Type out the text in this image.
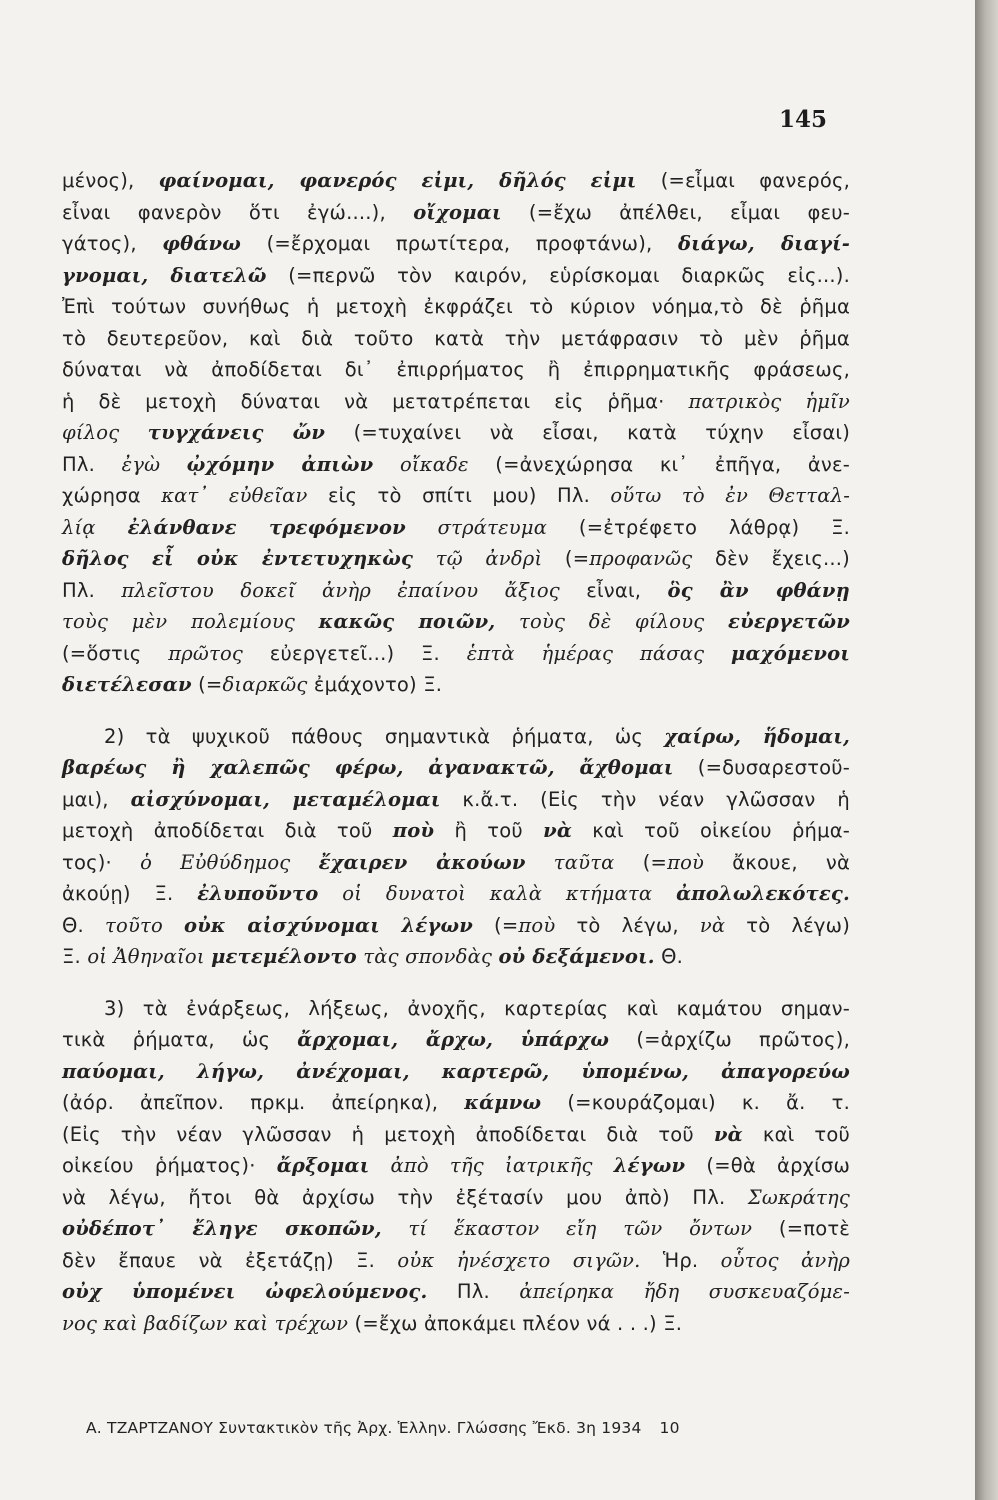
145
μένος), φαίνομαι, φανερός εἰμι, δῆλός εἰμι (=εἶμαι φανερός,
εἶναι φανερὸν ὅτι ἐγώ....), οἴχομαι (=ἔχω ἀπέλθει, εἶμαι φευ-
γάτος), φθάνω (=ἔρχομαι πρωτίτερα, προφτάνω), διάγω, διαγί-
γνομαι, διατελῶ (=περνῶ τὸν καιρόν, εὑρίσκομαι διαρκῶς εἰς...).
Ἐπὶ τούτων συνήθως ἡ μετοχὴ ἐκφράζει τὸ κύριον νόημα,τὸ δὲ ῥῆμα
τὸ δευτερεῦον, καὶ διὰ τοῦτο κατὰ τὴν μετάφρασιν τὸ μὲν ῥῆμα
δύναται νὰ ἀποδίδεται δι᾿ ἐπιρρήματος ἢ ἐπιρρηματικῆς φράσεως,
ἡ δὲ μετοχὴ δύναται νὰ μετατρέπεται εἰς ῥῆμα· πατρικὸς ἡμῖν
φίλος τυγχάνεις ὤν (=τυχαίνει νὰ εἶσαι, κατὰ τύχην εἶσαι)
Πλ. ἐγὼ ᾠχόμην ἀπιὼν οἴκαδε (=ἀνεχώρησα κι᾿ ἐπῆγα, ἀνε-
χώρησα κατ᾿ εὐθεῖαν εἰς τὸ σπίτι μου) Πλ. οὕτω τὸ ἐν Θετταλ-
λίᾳ ἐλάνθανε τρεφόμενον στράτευμα (=ἐτρέφετο λάθρᾳ) Ξ.
δῆλος εἶ οὐκ ἐντετυχηκὼς τῷ ἀνδρὶ (=προφανῶς δὲν ἔχεις...)
Πλ. πλεῖστου δοκεῖ ἀνὴρ ἐπαίνου ἄξιος εἶναι, ὃς ἂν φθάνῃ
τοὺς μὲν πολεμίους κακῶς ποιῶν, τοὺς δὲ φίλους εὐεργετῶν
(=ὅστις πρῶτος εὐεργετεῖ...) Ξ. ἑπτὰ ἡμέρας πάσας μαχόμενοι
διετέλεσαν (=διαρκῶς ἐμάχοντο) Ξ.
2) τὰ ψυχικοῦ πάθους σημαντικὰ ῥήματα, ὡς χαίρω, ἥδομαι,
βαρέως ἢ χαλεπῶς φέρω, ἀγανακτῶ, ἄχθομαι (=δυσαρεστοῦ-
μαι), αἰσχύνομαι, μεταμέλομαι κ.ἄ.τ. (Εἰς τὴν νέαν γλῶσσαν ἡ
μετοχὴ ἀποδίδεται διὰ τοῦ ποὺ ἢ τοῦ νὰ καὶ τοῦ οἰκείου ῥήμα-
τος)· ὁ Εὐθύδημος ἔχαιρεν ἀκούων ταῦτα (=ποὺ ἄκουε, νὰ
ἀκούῃ) Ξ. ἐλυποῦντο οἱ δυνατοὶ καλὰ κτήματα ἀπολωλεκότες.
Θ. τοῦτο οὐκ αἰσχύνομαι λέγων (=ποὺ τὸ λέγω, νὰ τὸ λέγω)
Ξ. οἱ Ἀθηναῖοι μετεμέλοντο τὰς σπονδὰς οὐ δεξάμενοι. Θ.
3) τὰ ἐνάρξεως, λήξεως, ἀνοχῆς, καρτερίας καὶ καμάτου σημαν-
τικὰ ῥήματα, ὡς ἄρχομαι, ἄρχω, ὑπάρχω (=ἀρχίζω πρῶτος),
παύομαι, λήγω, ἀνέχομαι, καρτερῶ, ὑπομένω, ἀπαγορεύω
(ἀόρ. ἀπεῖπον. πρκμ. ἀπείρηκα), κάμνω (=κουράζομαι) κ. ἄ. τ.
(Εἰς τὴν νέαν γλῶσσαν ἡ μετοχὴ ἀποδίδεται διὰ τοῦ νὰ καὶ τοῦ
οἰκείου ῥήματος)· ἄρξομαι ἀπὸ τῆς ἰατρικῆς λέγων (=θὰ ἀρχίσω
νὰ λέγω, ἤτοι θὰ ἀρχίσω τὴν ἐξέτασίν μου ἀπὸ) Πλ. Σωκράτης
οὐδέποτ᾿ ἔληγε σκοπῶν, τί ἕκαστον εἴη τῶν ὄντων (=ποτὲ
δὲν ἔπαυε νὰ ἐξετάζῃ) Ξ. οὐκ ἠνέσχετο σιγῶν. Ἡρ. οὗτος ἀνὴρ
οὐχ ὑπομένει ὠφελούμενος. Πλ. ἀπείρηκα ἤδη συσκευαζόμε-
νος καὶ βαδίζων καὶ τρέχων (=ἔχω ἀποκάμει πλέον νά . . .) Ξ.
Α. ΤΖΑΡΤΖΑΝΟΥ Συντακτικὸν τῆς Ἀρχ. Ἑλλην. Γλώσσης Ἔκδ. 3η 1934 10
